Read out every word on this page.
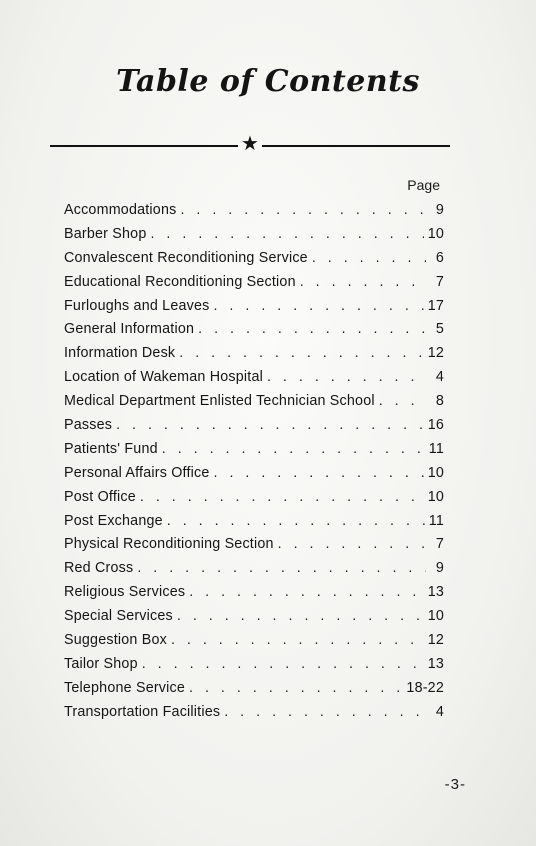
Table of Contents
★
Page
Accommodations . . .	9
Barber Shop . . .	10
Convalescent Reconditioning Service . . .	6
Educational Reconditioning Section . . .	7
Furloughs and Leaves . . .	17
General Information . . .	5
Information Desk . . .	12
Location of Wakeman Hospital . . .	4
Medical Department Enlisted Technician School . . .	8
Passes . . .	16
Patients' Fund . . .	11
Personal Affairs Office . . .	10
Post Office . . .	10
Post Exchange . . .	11
Physical Reconditioning Section . . .	7
Red Cross . . .	9
Religious Services . . .	13
Special Services . . .	10
Suggestion Box . . .	12
Tailor Shop . . .	13
Telephone Service . . .	18-22
Transportation Facilities . . .	4
-3-
